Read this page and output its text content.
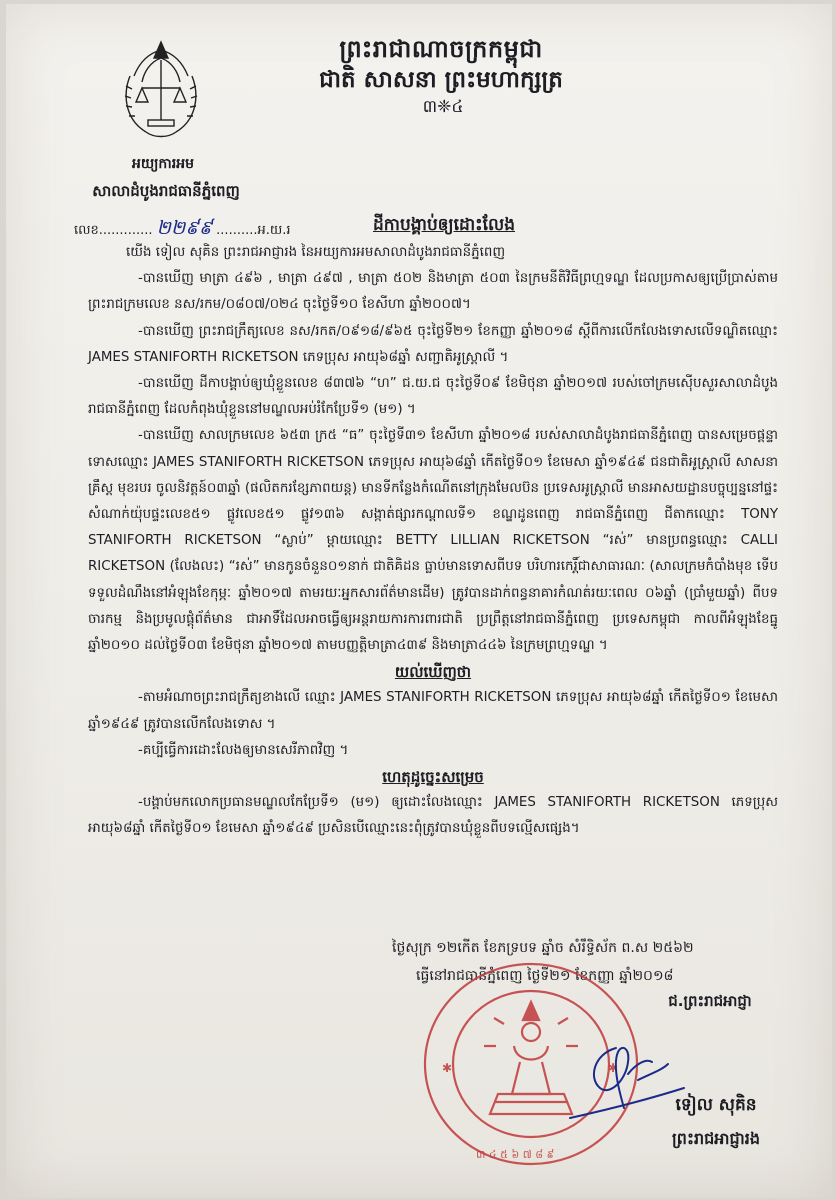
ព្រះរាជាណាចក្រកម្ពុជា
ជាតិ សាសនា ព្រះមហាក្សត្រ
៣❈៤
អយ្យការអម
សាលាដំបូងរាជធានីភ្នំពេញ
លេខ............. ២២៩៩ ..........អ.យ.រ	ដីកាបង្គាប់ឲ្យដោះលែង

យើង ទៀល សុគិន ព្រះរាជអាជ្ញារង នៃអយ្យការអមសាលាដំបូងរាជធានីភ្នំពេញ

-បានឃើញ មាត្រា ៤៩៦ , មាត្រា ៤៩៧ , មាត្រា ៥០២ និងមាត្រា ៥០៣ នៃក្រមនីតិវិធីព្រហ្មទណ្ឌ ដែលប្រកាសឲ្យប្រើប្រាស់តាមព្រះរាជក្រមលេខ នស/រកម/០៨០៧/០២៤ ចុះថ្ងៃទី១០ ខែសីហា ឆ្នាំ២០០៧។

-បានឃើញ ព្រះរាជក្រឹត្យលេខ នស/រកត/០៩១៨/៩៦៥ ចុះថ្ងៃទី២១ ខែកញ្ញា ឆ្នាំ២០១៨ ស្តីពីការលើកលែងទោសលើទណ្ឌិតឈ្មោះ JAMES STANIFORTH RICKETSON ភេទប្រុស អាយុ៦៨ឆ្នាំ សញ្ជាតិអូស្ត្រាលី ។

-បានឃើញ ដីកាបង្គាប់ឲ្យឃុំខ្លួនលេខ ៨៣៧៦ “ហ” ជ.យ.ជ ចុះថ្ងៃទី០៩ ខែមិថុនា ឆ្នាំ២០១៧ របស់ចៅក្រមស៊ើបសួរសាលាដំបូងរាជធានីភ្នំពេញ ដែលកំពុងឃុំខ្លួននៅមណ្ឌលអប់រំកែប្រែទី១ (ម១) ។

-បានឃើញ សាលក្រមលេខ ៦៥៣ ក្រ៥ “ធ” ចុះថ្ងៃទី៣១ ខែសីហា ឆ្នាំ២០១៨ របស់សាលាដំបូងរាជធានីភ្នំពេញ បានសម្រេចផ្តន្ទាទោសឈ្មោះ JAMES STANIFORTH RICKETSON ភេទប្រុស អាយុ៦៨ឆ្នាំ កើតថ្ងៃទី០១ ខែមេសា ឆ្នាំ១៩៤៩ ជនជាតិអូស្ត្រាលី សាសនាគ្រឹស្ត មុខរបរ ចូលនិវត្តន៍០៣ឆ្នាំ (ផលិតករខ្សែភាពយន្ត) មានទីកន្លែងកំណើតនៅក្រុងមែលប៊ន ប្រទេសអូស្ត្រាលី មានអាសយដ្ឋានបច្ចុប្បន្ននៅផ្ទះសំណាក់យ៉ុបផ្ទះលេខ៥១ ផ្លូវលេខ៥១ ផ្លូវ១៣៦ សង្កាត់ផ្សារកណ្តាលទី១ ខណ្ឌដូនពេញ រាជធានីភ្នំពេញ ជីតាកឈ្មោះ TONY STANIFORTH RICKETSON “ស្លាប់” ម្តាយឈ្មោះ BETTY LILLIAN RICKETSON “រស់” មានប្រពន្ធឈ្មោះ CALLI RICKETSON (លែងលះ) “រស់” មានកូនចំនួន០១នាក់ ជាតិគិដន ធ្លាប់មានទោសពីបទ បរិហារកេរ្តិ៍ជាសាធារណៈ (សាលក្រមកំបាំងមុខ ទើបទទួលដំណឹងនៅអំឡុងខែកុម្ភៈ ឆ្នាំ២០១៧ តាមរយៈអ្នកសារព័ត៌មានដើម) ត្រូវបានដាក់ពន្ធនាគារកំណត់រយៈពេល ០៦ឆ្នាំ (ប្រាំមួយឆ្នាំ) ពីបទ ចារកម្ម និងប្រមូលផ្តុំព័ត៌មាន ជាអាទិ៍ដែលអាចធ្វើឲ្យអន្តរាយការការពារជាតិ ប្រព្រឹត្តនៅរាជធានីភ្នំពេញ ប្រទេសកម្ពុជា កាលពីអំឡុងខែធ្នូ ឆ្នាំ២០១០ ដល់ថ្ងៃទី០៣ ខែមិថុនា ឆ្នាំ២០១៧ តាមបញ្ញត្តិមាត្រា៤៣៩ និងមាត្រា៤៤៦ នៃក្រមព្រហ្មទណ្ឌ ។

យល់ឃើញថា

-តាមអំណាចព្រះរាជក្រឹត្យខាងលើ ឈ្មោះ JAMES STANIFORTH RICKETSON ភេទប្រុស អាយុ៦៨ឆ្នាំ កើតថ្ងៃទី០១ ខែមេសា ឆ្នាំ១៩៤៩ ត្រូវបានលើកលែងទោស ។

-គប្បីធ្វើការដោះលែងឲ្យមានសេរីភាពវិញ ។

ហេតុដូច្នេះសម្រេច

-បង្គាប់មកលោកប្រធានមណ្ឌលកែប្រែទី១ (ម១) ឲ្យដោះលែងឈ្មោះ JAMES STANIFORTH RICKETSON ភេទប្រុស អាយុ៦៨ឆ្នាំ កើតថ្ងៃទី០១ ខែមេសា ឆ្នាំ១៩៤៩ ប្រសិនបើឈ្មោះនេះពុំត្រូវបានឃុំខ្លួនពីបទល្មើសផ្សេង។

ថ្ងៃសុក្រ ១២កើត ខែភទ្របទ ឆ្នាំច សំរឹទ្ធិស័ក ព.ស ២៥៦២
ធ្វើនៅរាជធានីភ្នំពេញ ថ្ងៃទី២១ ខែកញ្ញា ឆ្នាំ២០១៨
✱	✱
៣ ៤ ៥ ៦ ៧ ៨ ៩
ជ.ព្រះរាជអាជ្ញា
ទៀល សុគិន
ព្រះរាជអាជ្ញារង
